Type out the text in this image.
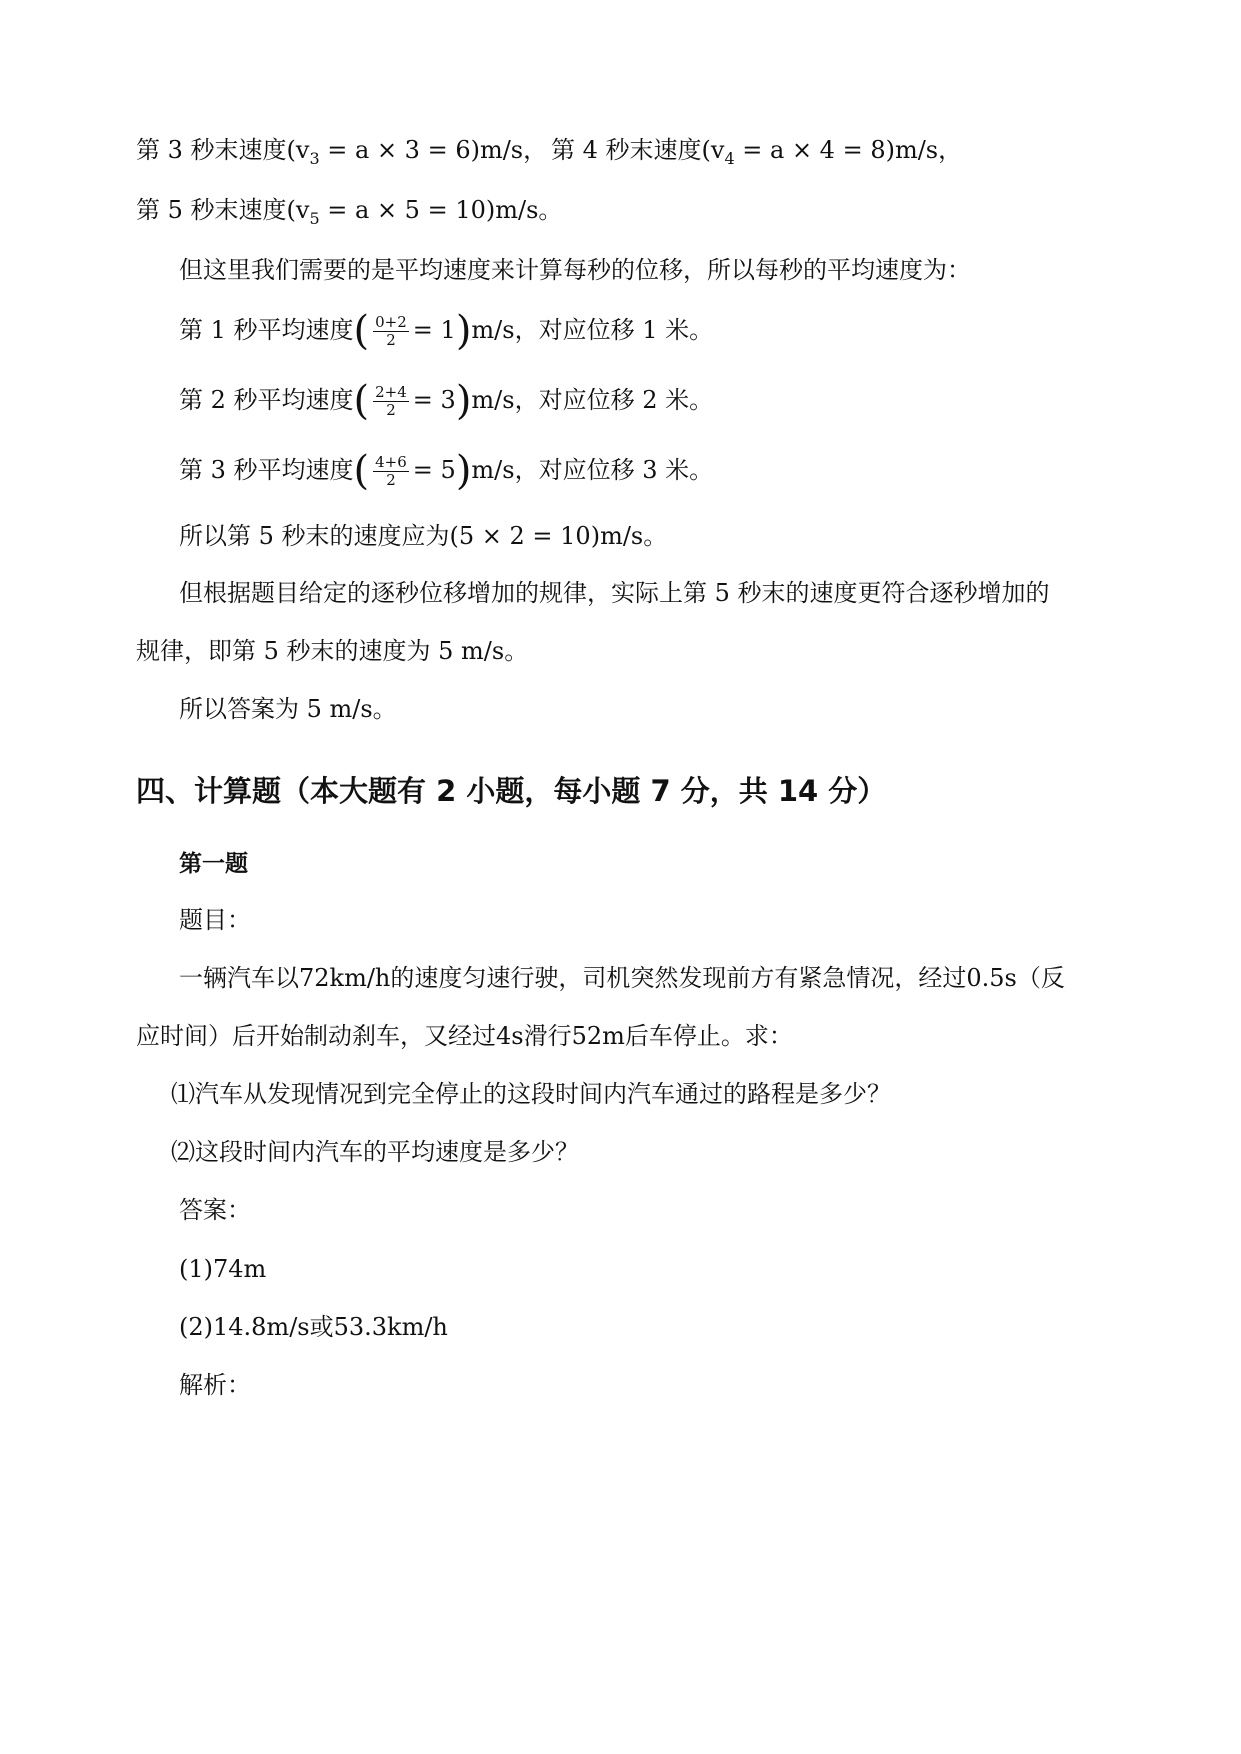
第 3 秒末速度$(v_3 = a \times 3 = 6)m/s$， 第 4 秒末速度$(v_4 = a \times 4 = 8)m/s$，
第 5 秒末速度$(v_5 = a \times 5 = 10)m/s$。
但这里我们需要的是平均速度来计算每秒的位移，所以每秒的平均速度为：
第 1 秒平均速度( $\frac{0+2}{2} = 1)m/s$，对应位移 1 米。
第 2 秒平均速度( $\frac{2+4}{2} = 3)m/s$，对应位移 2 米。
第 3 秒平均速度( $\frac{4+6}{2} = 5)m/s$，对应位移 3 米。
所以第 5 秒末的速度应为(5 × 2 = 10)m/s。
但根据题目给定的逐秒位移增加的规律，实际上第 5 秒末的速度更符合逐秒增加的
规律，即第 5 秒末的速度为 5 m/s。
所以答案为 5 m/s。
四、计算题（本大题有 2 小题，每小题 7 分，共 14 分）
第一题
题目：
一辆汽车以72km/h的速度匀速行驶，司机突然发现前方有紧急情况，经过0.5s（反
应时间）后开始制动刹车，又经过4s滑行52m后车停止。求：
⑴汽车从发现情况到完全停止的这段时间内汽车通过的路程是多少？
⑵这段时间内汽车的平均速度是多少？
答案：
(1)74m
(2)14.8m/s或53.3km/h
解析：
